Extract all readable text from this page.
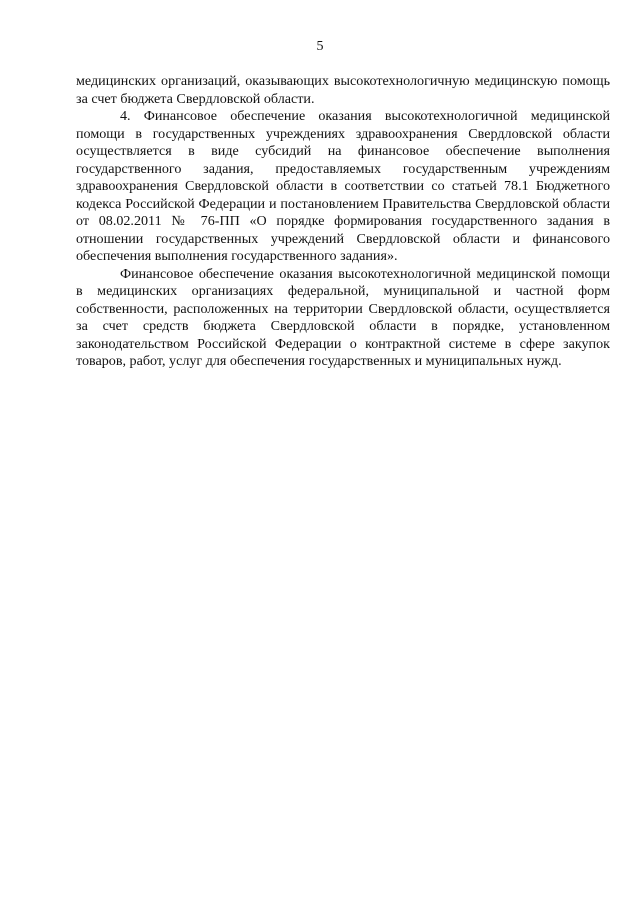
5

медицинских организаций, оказывающих высокотехнологичную медицинскую помощь за счет бюджета Свердловской области.

4. Финансовое обеспечение оказания высокотехнологичной медицинской помощи в государственных учреждениях здравоохранения Свердловской области осуществляется в виде субсидий на финансовое обеспечение выполнения государственного задания, предоставляемых государственным учреждениям здравоохранения Свердловской области в соответствии со статьей 78.1 Бюджетного кодекса Российской Федерации и постановлением Правительства Свердловской области от 08.02.2011 № 76-ПП «О порядке формирования государственного задания в отношении государственных учреждений Свердловской области и финансового обеспечения выполнения государственного задания».

Финансовое обеспечение оказания высокотехнологичной медицинской помощи в медицинских организациях федеральной, муниципальной и частной форм собственности, расположенных на территории Свердловской области, осуществляется за счет средств бюджета Свердловской области в порядке, установленном законодательством Российской Федерации о контрактной системе в сфере закупок товаров, работ, услуг для обеспечения государственных и муниципальных нужд.
